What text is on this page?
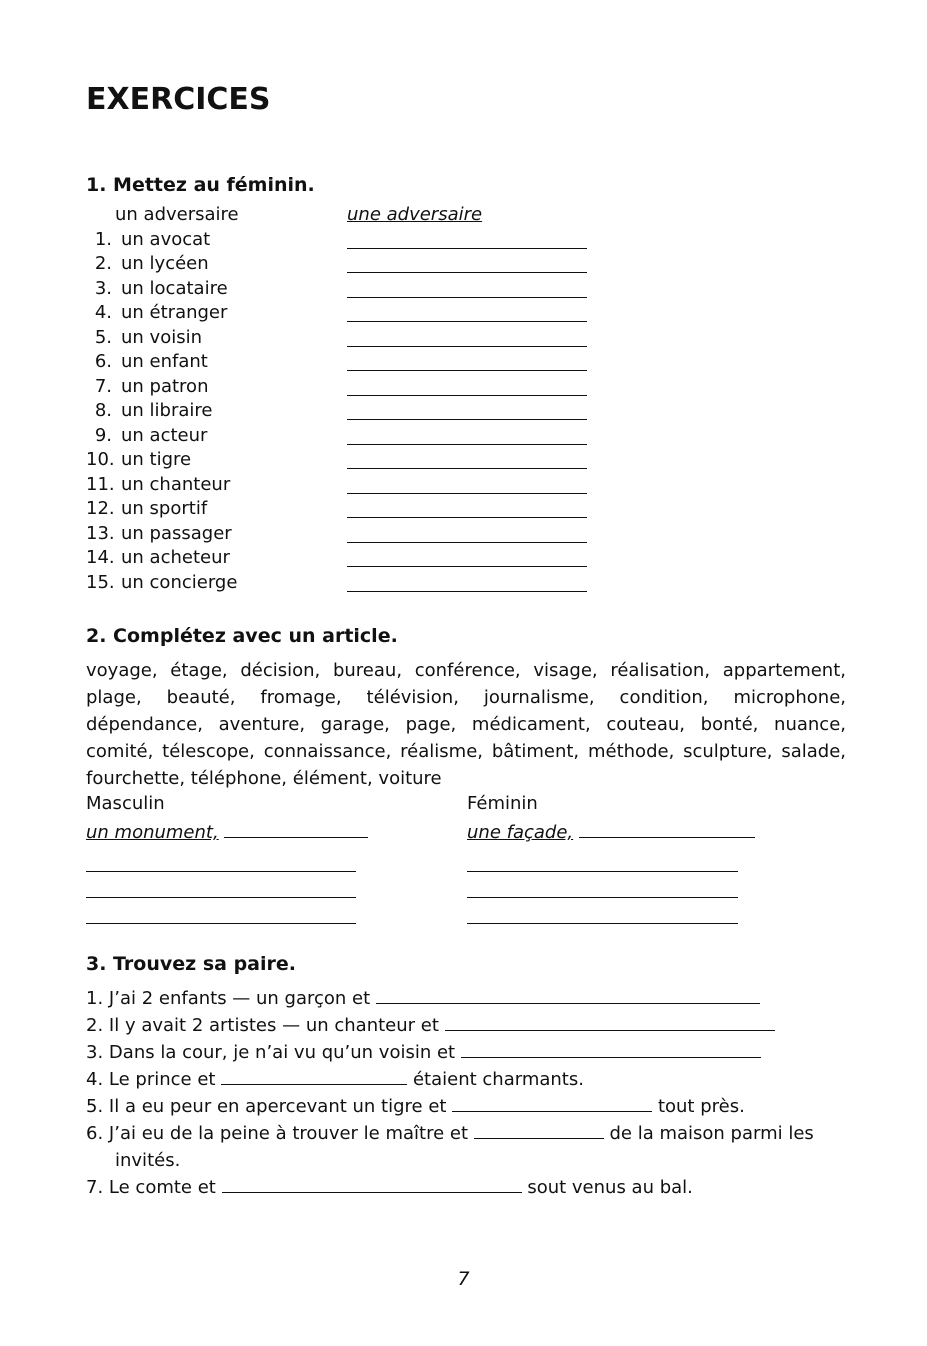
EXERCICES
1. Mettez au féminin.
un adversaire	une adversaire
1. un avocat
2. un lycéen
3. un locataire
4. un étranger
5. un voisin
6. un enfant
7. un patron
8. un libraire
9. un acteur
10. un tigre
11. un chanteur
12. un sportif
13. un passager
14. un acheteur
15. un concierge
2. Complétez avec un article.

voyage, étage, décision, bureau, conférence, visage, réalisation, appartement, plage, beauté, fromage, télévision, journalisme, condition, microphone, dépendance, aventure, garage, page, médicament, couteau, bonté, nuance, comité, télescope, connaissance, réalisme, bâtiment, méthode, sculpture, salade, fourchette, téléphone, élément, voiture

Masculin
un monument,
Féminin
une façade,
3. Trouvez sa paire.
1. J’ai 2 enfants — un garçon et
2. Il y avait 2 artistes — un chanteur et
3. Dans la cour, je n’ai vu qu’un voisin et
4. Le prince et	étaient charmants.
5. Il a eu peur en apercevant un tigre et	tout près.
6. J’ai eu de la peine à trouver le maître et	de la maison parmi les
invités.
7. Le comte et	sout venus au bal.
7
